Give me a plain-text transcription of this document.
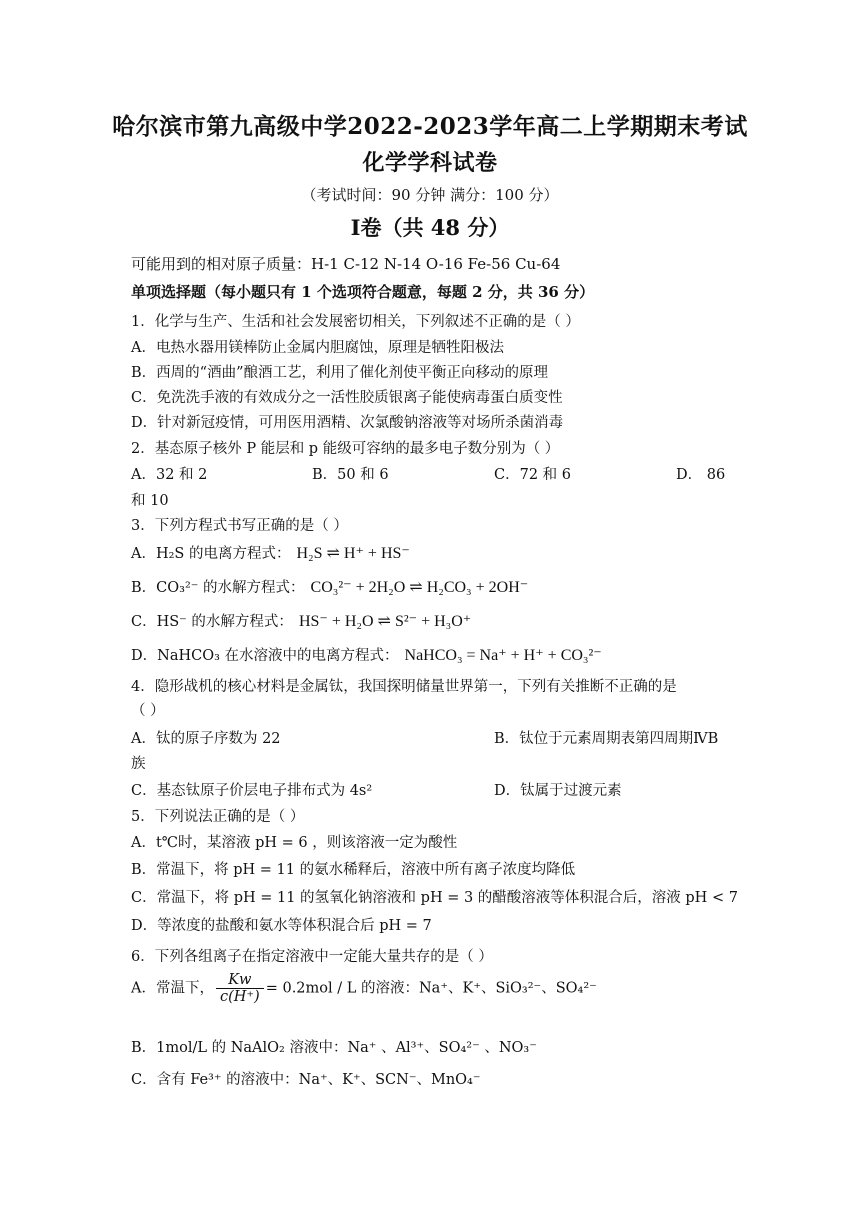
哈尔滨市第九高级中学2022-2023学年高二上学期期末考试
化学学科试卷
（考试时间：90 分钟 满分：100 分）
Ⅰ卷（共 48 分）
可能用到的相对原子质量：H-1 C-12 N-14 O-16 Fe-56 Cu-64
单项选择题（每小题只有 1 个选项符合题意，每题 2 分，共 36 分）
1．化学与生产、生活和社会发展密切相关，下列叙述不正确的是（ ）
A．电热水器用镁棒防止金属内胆腐蚀，原理是牺牲阳极法
B．西周的“酒曲”酿酒工艺，利用了催化剂使平衡正向移动的原理
C．免洗洗手液的有效成分之一活性胶质银离子能使病毒蛋白质变性
D．针对新冠疫情，可用医用酒精、次氯酸钠溶液等对场所杀菌消毒
2．基态原子核外 P 能层和 p 能级可容纳的最多电子数分别为（ ）
A．32 和 2	B．50 和 6	C．72 和 6	D． 86
和 10
3．下列方程式书写正确的是（ ）
A．H₂S 的电离方程式： H₂S ⇌ H⁺ + HS⁻
B．CO₃²⁻ 的水解方程式： CO₃²⁻ + 2H₂O ⇌ H₂CO₃ + 2OH⁻
C．HS⁻ 的水解方程式： HS⁻ + H₂O ⇌ S²⁻ + H₃O⁺
D．NaHCO₃ 在水溶液中的电离方程式： NaHCO₃ = Na⁺ + H⁺ + CO₃²⁻
4．隐形战机的核心材料是金属钛，我国探明储量世界第一，下列有关推断不正确的是
（ ）
A．钛的原子序数为 22	B．钛位于元素周期表第四周期ⅣB
族
C．基态钛原子价层电子排布式为 4s²	D．钛属于过渡元素
5．下列说法正确的是（ ）
A．t℃时，某溶液 pH = 6 ，则该溶液一定为酸性
B．常温下，将 pH = 11 的氨水稀释后，溶液中所有离子浓度均降低
C．常温下，将 pH = 11 的氢氧化钠溶液和 pH = 3 的醋酸溶液等体积混合后，溶液 pH < 7
D．等浓度的盐酸和氨水等体积混合后 pH = 7
6．下列各组离子在指定溶液中一定能大量共存的是（ ）
A．常温下， $\frac{Kw}{c(H^+)} = 0.2mol / L$ 的溶液：Na⁺、K⁺、SiO₃²⁻、SO₄²⁻
B．1mol/L 的 NaAlO₂ 溶液中：Na⁺ 、Al³⁺、SO₄²⁻ 、NO₃⁻
C．含有 Fe³⁺ 的溶液中：Na⁺、K⁺、SCN⁻、MnO₄⁻
